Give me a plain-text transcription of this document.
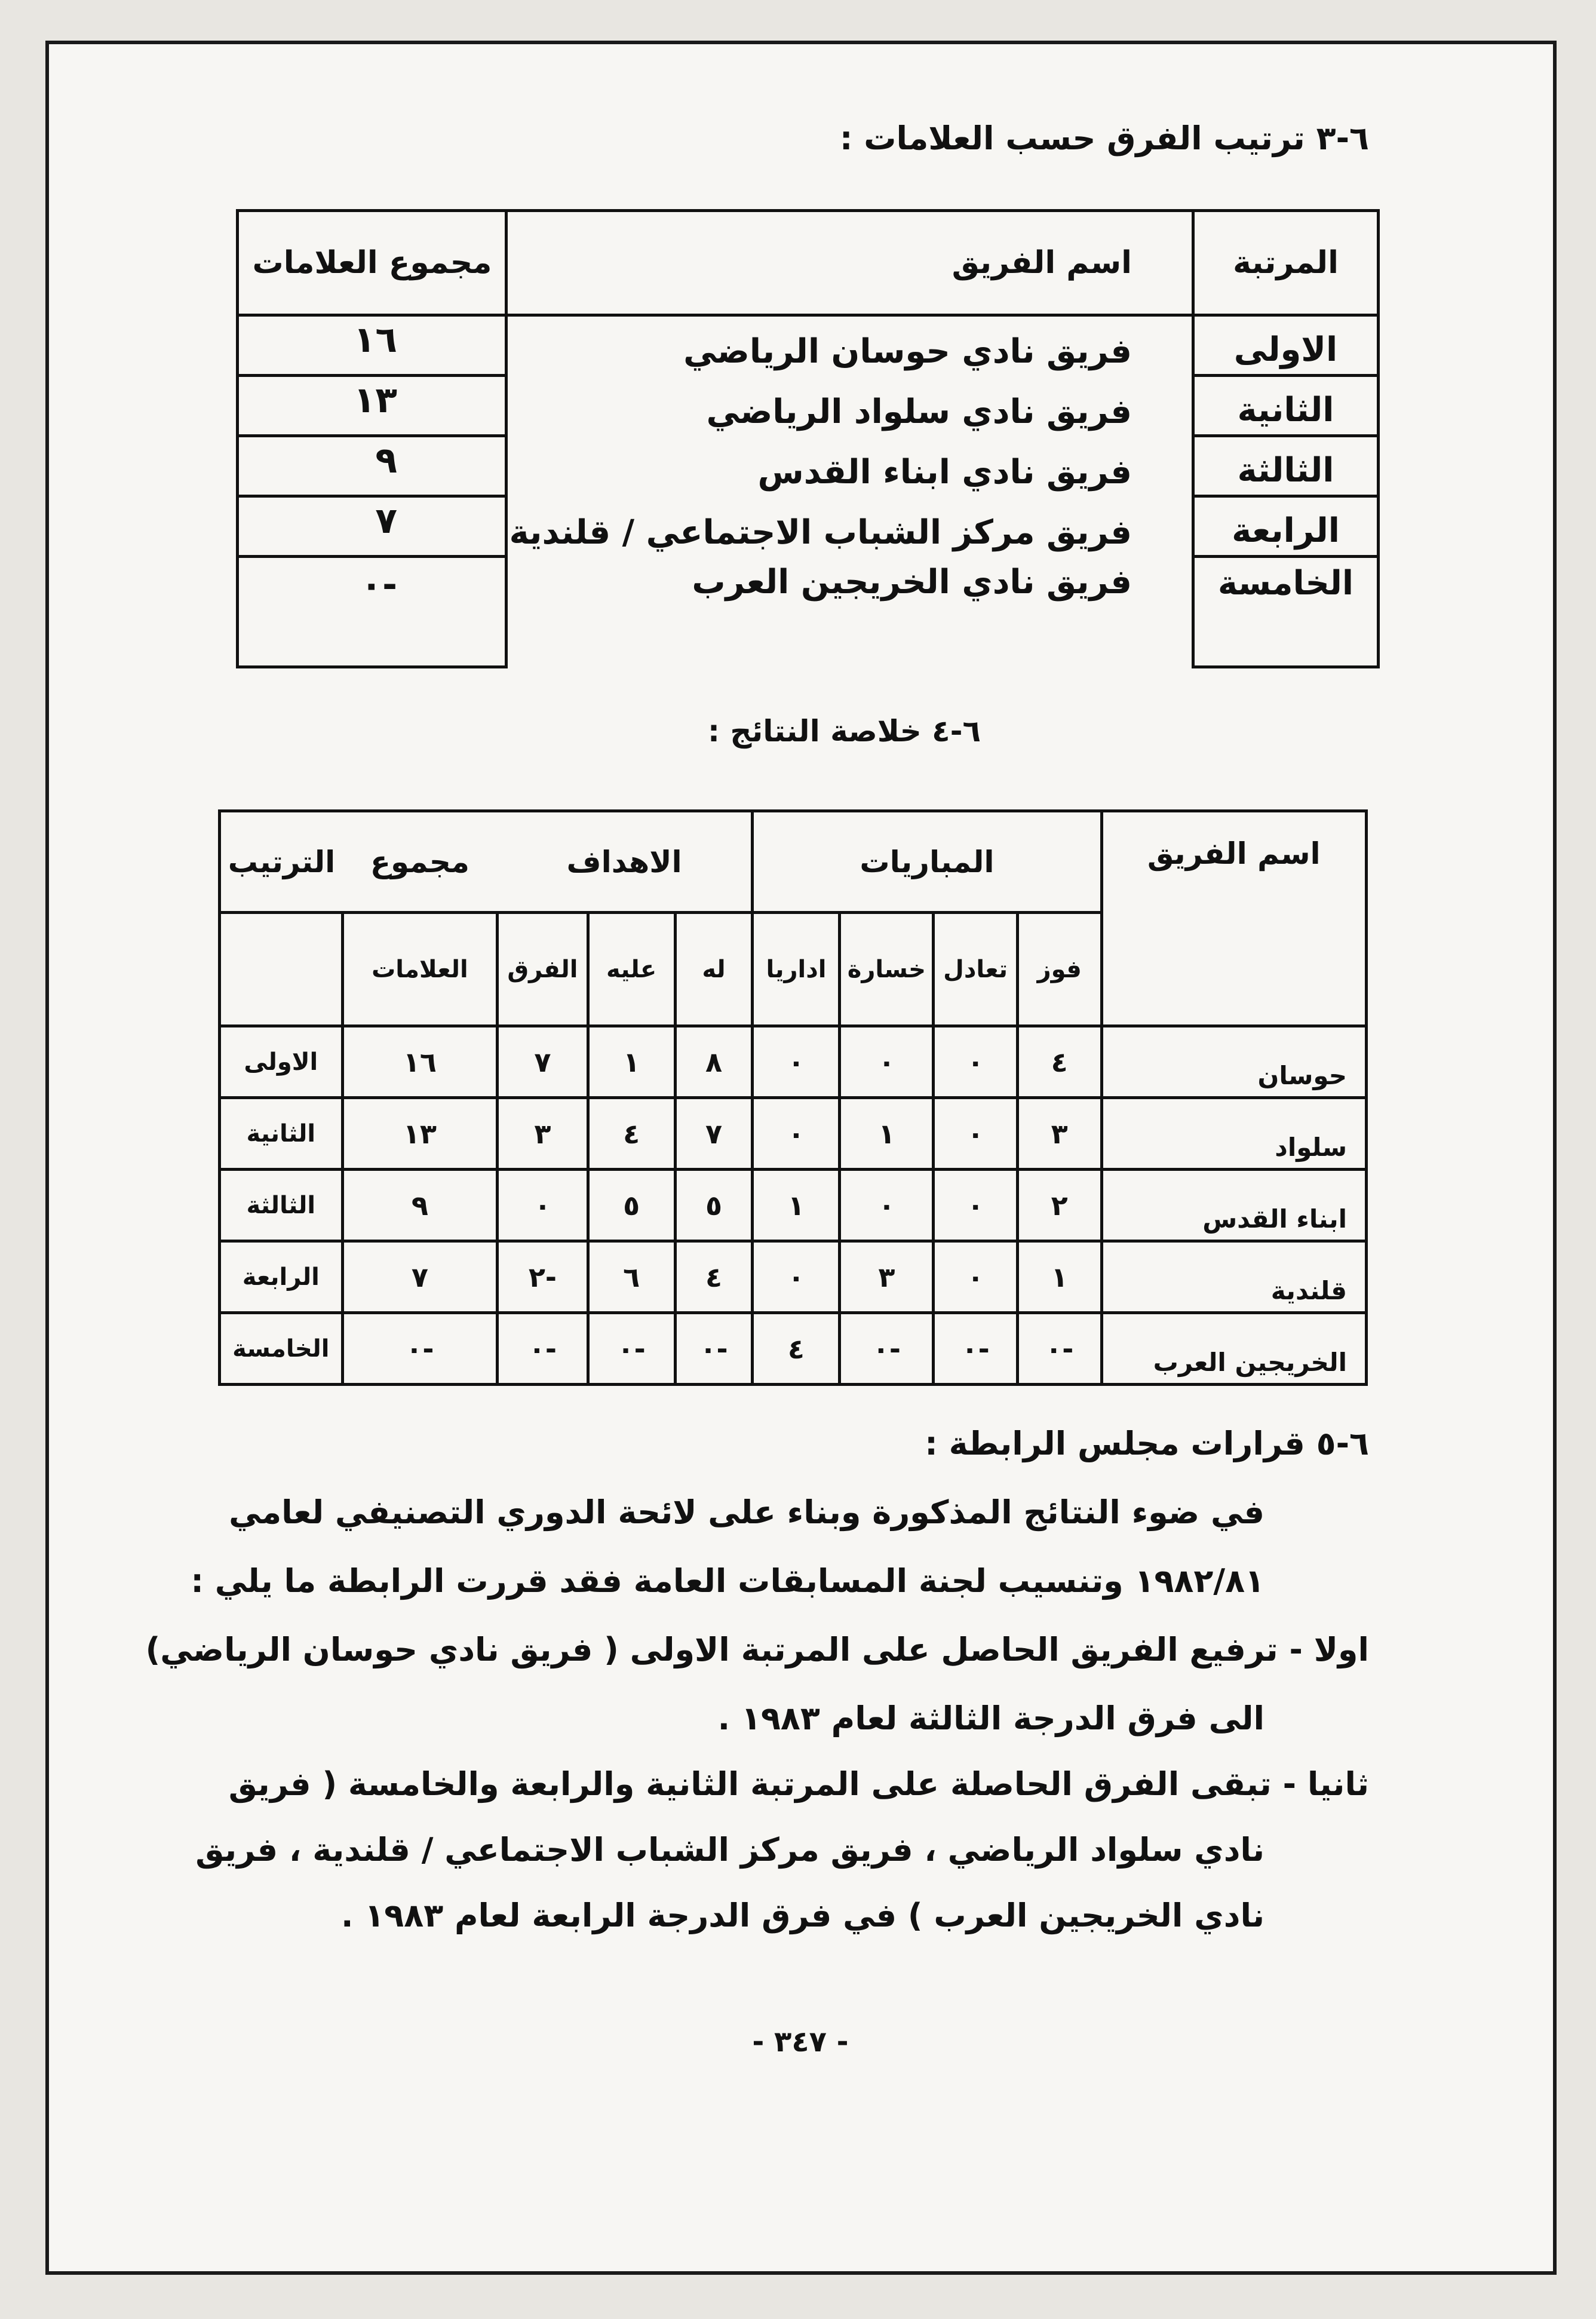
٦-٣ ترتيب الفرق حسب العلامات :
المرتبة	اسم الفريق	مجموع العلامات
الاولى	فريق نادي حوسان الرياضي	١٦
الثانية	فريق نادي سلواد الرياضي	١٣
الثالثة	فريق نادي ابناء القدس	٩
الرابعة	فريق مركز الشباب الاجتماعي / قلندية	٧
الخامسة	فريق نادي الخريجين العرب	-٠
٦-٤ خلاصة النتائج :
اسم الفريق	المباريات				الاهداف			مجموع	الترتيب
	فوز	تعادل	خسارة	اداريا	له	عليه	الفرق	العلامات	
حوسان	٤	٠	٠	٠	٨	١	٧	١٦	الاولى
سلواد	٣	٠	١	٠	٧	٤	٣	١٣	الثانية
ابناء القدس	٢	٠	٠	١	٥	٥	٠	٩	الثالثة
قلندية	١	٠	٣	٠	٤	٦	-٢	٧	الرابعة
الخريجين العرب	-٠	-٠	-٠	٤	-٠	-٠	-٠	-٠	الخامسة
٦-٥ قرارات مجلس الرابطة :
في ضوء النتائج المذكورة وبناء على لائحة الدوري التصنيفي لعامي
١٩٨٢/٨١ وتنسيب لجنة المسابقات العامة فقد قررت الرابطة ما يلي :
اولا - ترفيع الفريق الحاصل على المرتبة الاولى ( فريق نادي حوسان الرياضي)
الى فرق الدرجة الثالثة لعام ١٩٨٣ .
ثانيا - تبقى الفرق الحاصلة على المرتبة الثانية والرابعة والخامسة ( فريق
نادي سلواد الرياضي ، فريق مركز الشباب الاجتماعي / قلندية ، فريق
نادي الخريجين العرب ) في فرق الدرجة الرابعة لعام ١٩٨٣ .
- ٣٤٧ -
